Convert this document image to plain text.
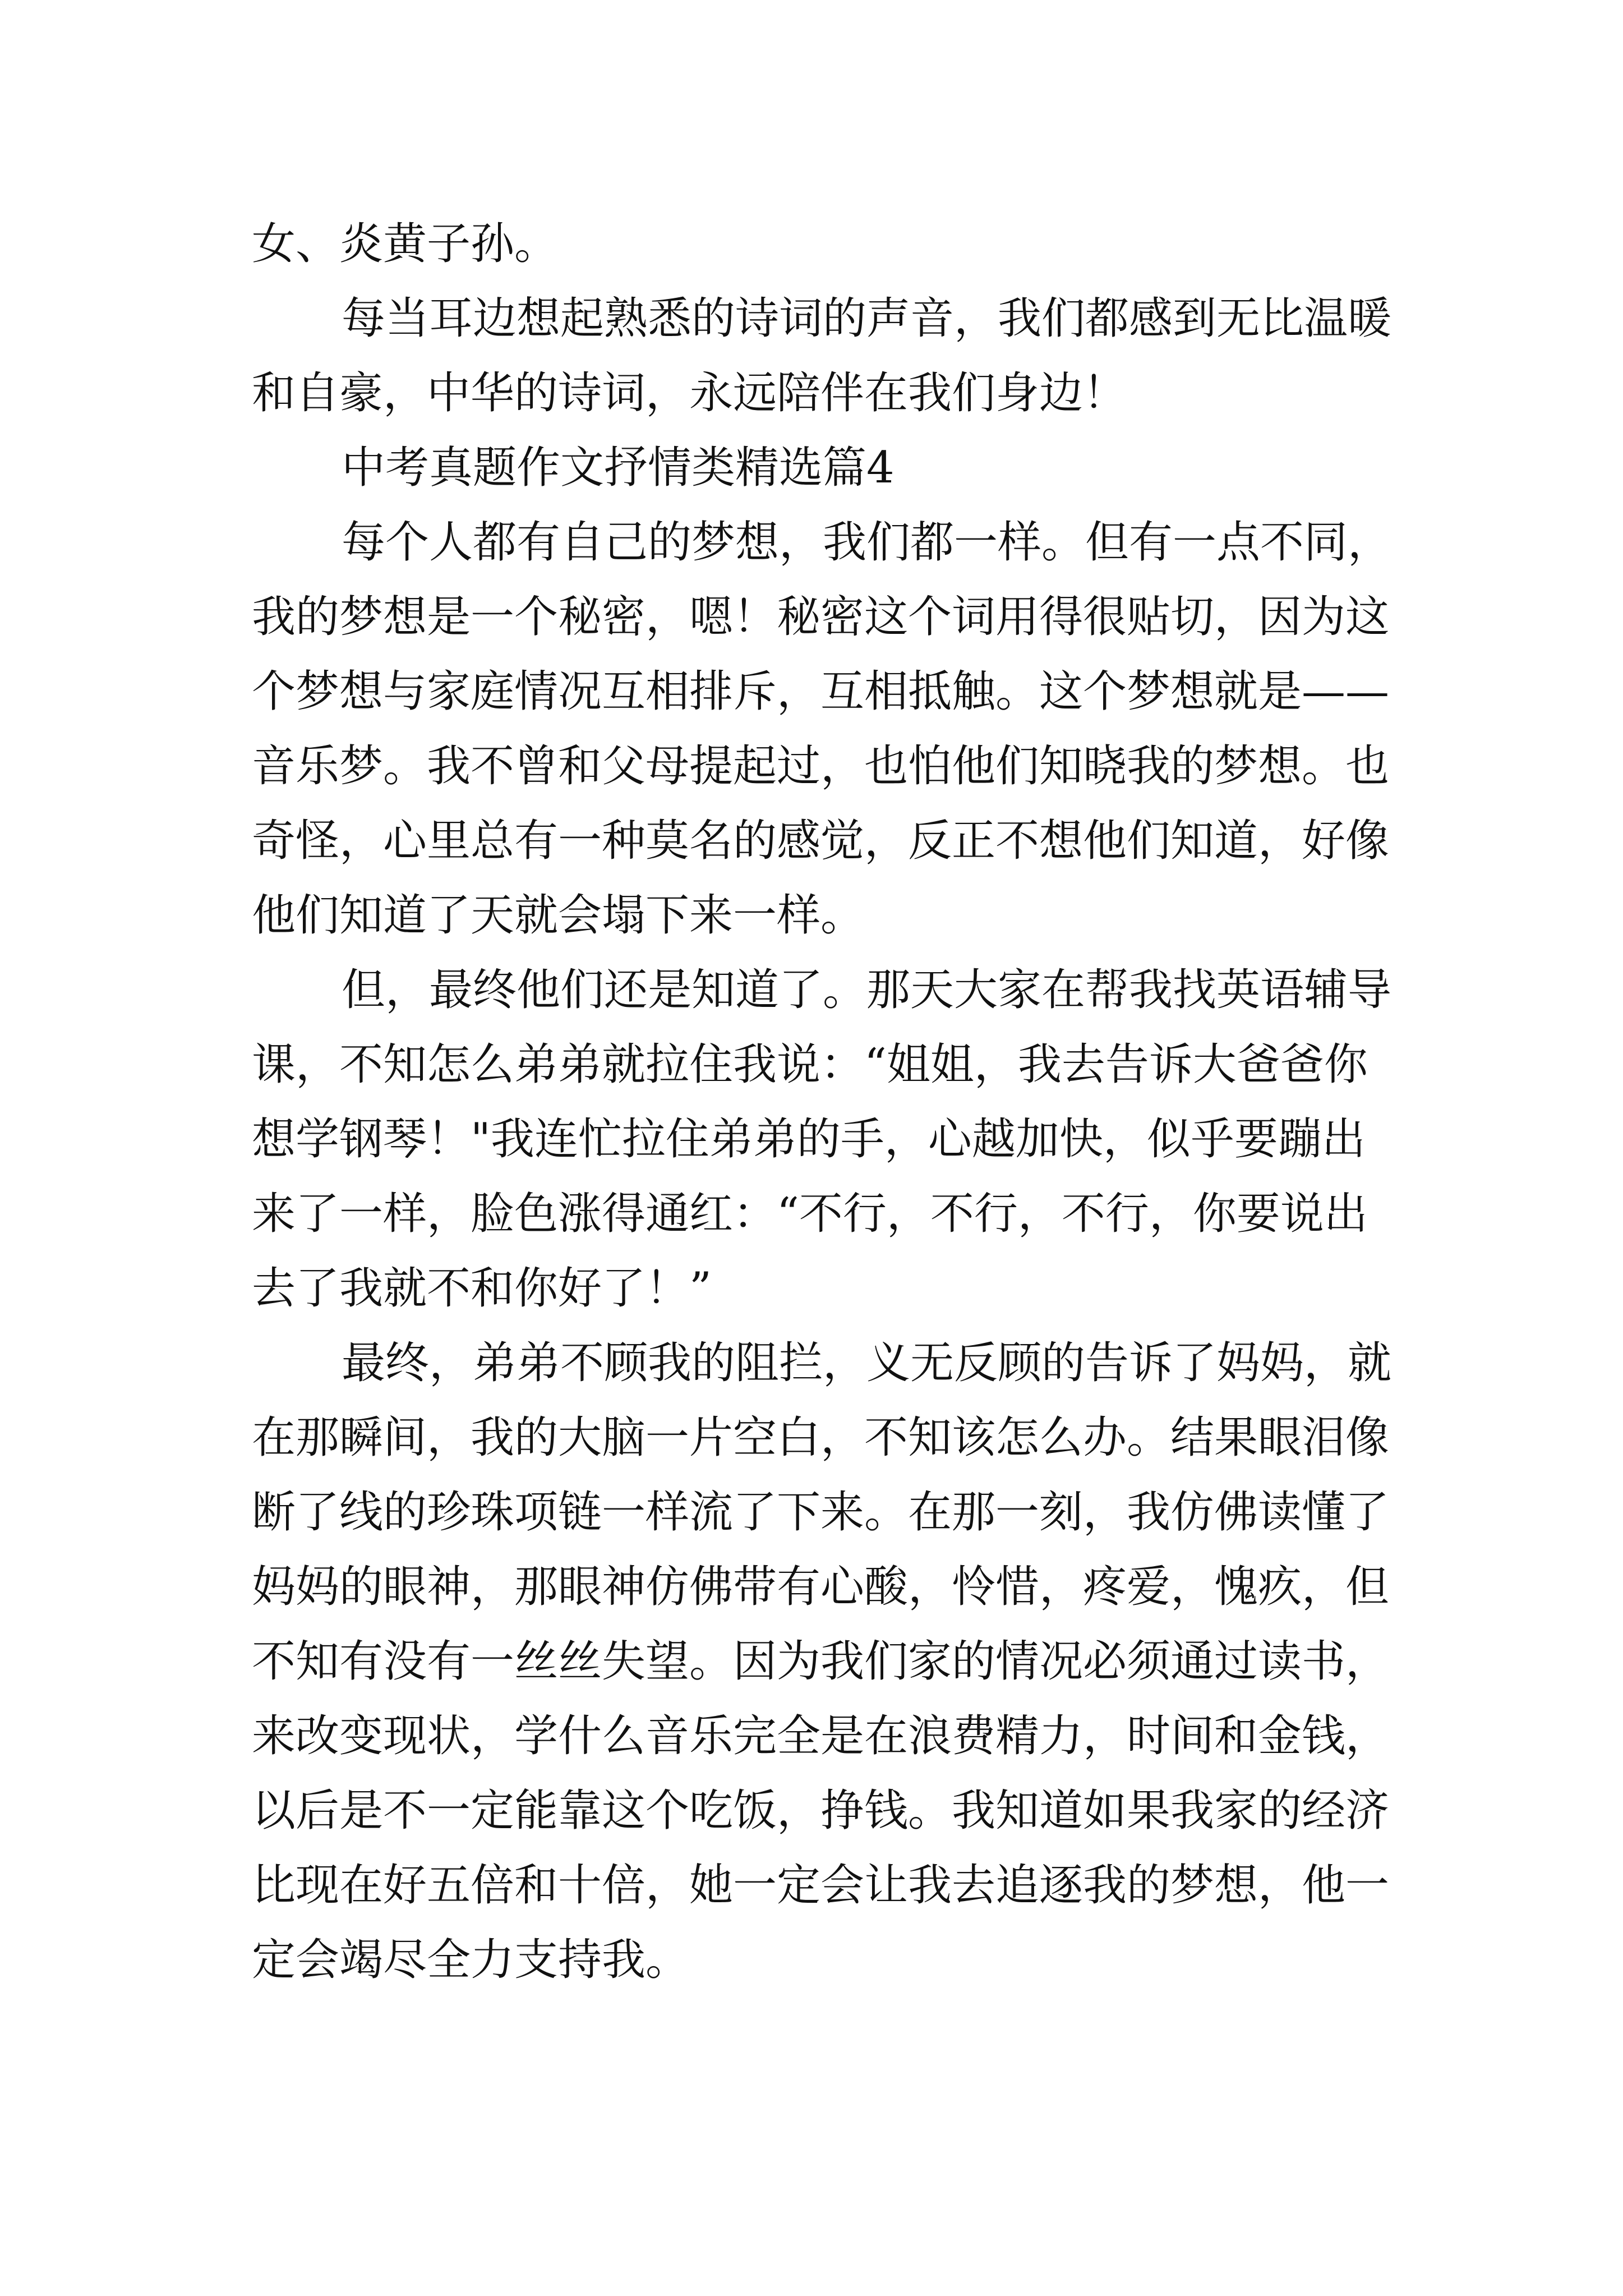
女、炎黄子孙。
每当耳边想起熟悉的诗词的声音，我们都感到无比温暖
和自豪，中华的诗词，永远陪伴在我们身边！
中考真题作文抒情类精选篇4
每个人都有自己的梦想，我们都一样。但有一点不同，
我的梦想是一个秘密，嗯！秘密这个词用得很贴切，因为这
个梦想与家庭情况互相排斥，互相抵触。这个梦想就是——
音乐梦。我不曾和父母提起过，也怕他们知晓我的梦想。也
奇怪，心里总有一种莫名的感觉，反正不想他们知道，好像
他们知道了天就会塌下来一样。
但，最终他们还是知道了。那天大家在帮我找英语辅导
课，不知怎么弟弟就拉住我说：“姐姐，我去告诉大爸爸你
想学钢琴！"我连忙拉住弟弟的手，心越加快，似乎要蹦出
来了一样，脸色涨得通红：“不行，不行，不行，你要说出
去了我就不和你好了！”
最终，弟弟不顾我的阻拦，义无反顾的告诉了妈妈，就
在那瞬间，我的大脑一片空白，不知该怎么办。结果眼泪像
断了线的珍珠项链一样流了下来。在那一刻，我仿佛读懂了
妈妈的眼神，那眼神仿佛带有心酸，怜惜，疼爱，愧疚，但
不知有没有一丝丝失望。因为我们家的情况必须通过读书，
来改变现状，学什么音乐完全是在浪费精力，时间和金钱，
以后是不一定能靠这个吃饭，挣钱。我知道如果我家的经济
比现在好五倍和十倍，她一定会让我去追逐我的梦想，他一
定会竭尽全力支持我。
